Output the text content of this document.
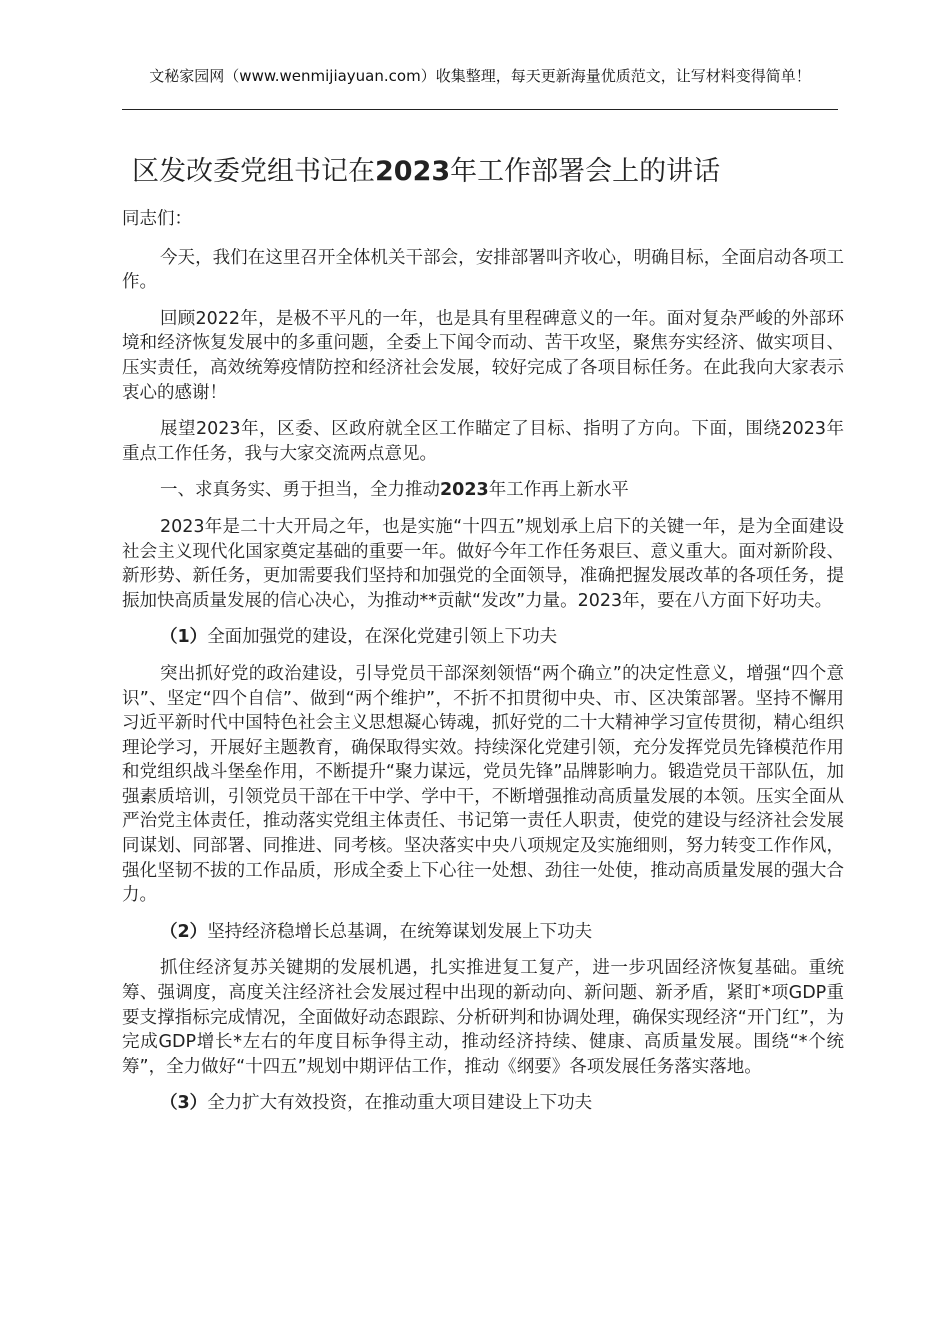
文秘家园网（www.wenmijiayuan.com）收集整理，每天更新海量优质范文，让写材料变得简单！
区发改委党组书记在2023年工作部署会上的讲话

同志们：

今天，我们在这里召开全体机关干部会，安排部署叫齐收心，明确目标，全面启动各项工作。

回顾2022年，是极不平凡的一年，也是具有里程碑意义的一年。面对复杂严峻的外部环境和经济恢复发展中的多重问题，全委上下闻令而动、苦干攻坚，聚焦夯实经济、做实项目、压实责任，高效统筹疫情防控和经济社会发展，较好完成了各项目标任务。在此我向大家表示衷心的感谢！

展望2023年，区委、区政府就全区工作瞄定了目标、指明了方向。下面，围绕2023年重点工作任务，我与大家交流两点意见。

一、求真务实、勇于担当，全力推动2023年工作再上新水平

2023年是二十大开局之年，也是实施“十四五”规划承上启下的关键一年，是为全面建设社会主义现代化国家奠定基础的重要一年。做好今年工作任务艰巨、意义重大。面对新阶段、新形势、新任务，更加需要我们坚持和加强党的全面领导，准确把握发展改革的各项任务，提振加快高质量发展的信心决心，为推动**贡献“发改”力量。2023年，要在八方面下好功夫。

（1）全面加强党的建设，在深化党建引领上下功夫

突出抓好党的政治建设，引导党员干部深刻领悟“两个确立”的决定性意义，增强“四个意识”、坚定“四个自信”、做到“两个维护”，不折不扣贯彻中央、市、区决策部署。坚持不懈用习近平新时代中国特色社会主义思想凝心铸魂，抓好党的二十大精神学习宣传贯彻，精心组织理论学习，开展好主题教育，确保取得实效。持续深化党建引领，充分发挥党员先锋模范作用和党组织战斗堡垒作用，不断提升“聚力谋远，党员先锋”品牌影响力。锻造党员干部队伍，加强素质培训，引领党员干部在干中学、学中干，不断增强推动高质量发展的本领。压实全面从严治党主体责任，推动落实党组主体责任、书记第一责任人职责，使党的建设与经济社会发展同谋划、同部署、同推进、同考核。坚决落实中央八项规定及实施细则，努力转变工作作风，强化坚韧不拔的工作品质，形成全委上下心往一处想、劲往一处使，推动高质量发展的强大合力。

（2）坚持经济稳增长总基调，在统筹谋划发展上下功夫

抓住经济复苏关键期的发展机遇，扎实推进复工复产，进一步巩固经济恢复基础。重统筹、强调度，高度关注经济社会发展过程中出现的新动向、新问题、新矛盾，紧盯*项GDP重要支撑指标完成情况，全面做好动态跟踪、分析研判和协调处理，确保实现经济“开门红”，为完成GDP增长*左右的年度目标争得主动，推动经济持续、健康、高质量发展。围绕“*个统筹”，全力做好“十四五”规划中期评估工作，推动《纲要》各项发展任务落实落地。

（3）全力扩大有效投资，在推动重大项目建设上下功夫
